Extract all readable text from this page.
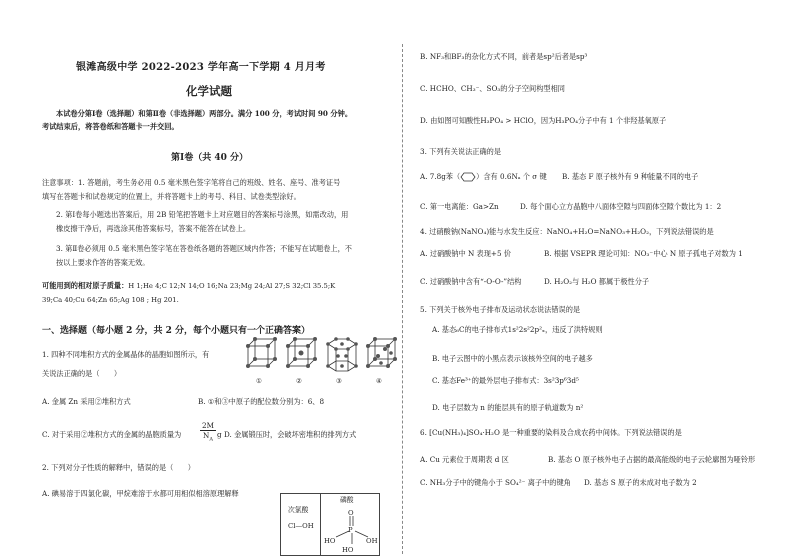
银滩高级中学 2022-2023 学年高一下学期 4 月月考
化学试题
本试卷分第Ⅰ卷（选择题）和第Ⅱ卷（非选择题）两部分。满分 100 分，考试时间 90 分钟。
考试结束后，将答卷纸和答题卡一并交回。
第Ⅰ卷（共 40 分）
注意事项：1. 答题前，考生务必用 0.5 毫米黑色签字笔将自己的班级、姓名、座号、准考证号
填写在答题卡和试卷规定的位置上，并将答题卡上的考号、科目、试卷类型涂好。
2. 第Ⅰ卷每小题选出答案后，用 2B 铅笔把答题卡上对应题目的答案标号涂黑，如需改动，用
橡皮擦干净后，再选涂其他答案标号，答案不能答在试卷上。
3. 第Ⅱ卷必须用 0.5 毫米黑色签字笔在答卷纸各题的答题区域内作答；不能写在试题卷上，不
按以上要求作答的答案无效。
可能用到的相对原子质量：H 1;He 4;C 12;N 14;O 16;Na 23;Mg 24;Al 27;S 32;Cl 35.5;K
39;Ca 40;Cu 64;Zn 65;Ag 108 ; Hg 201.
一、选择题（每小题 2 分，共 2 分，每个小题只有一个正确答案）
1. 四种不同堆积方式的金属晶体的晶胞如图所示，有
关说法正确的是（　　）
①	②	③	④
A. 金属 Zn 采用②堆积方式	B. ①和③中原子的配位数分别为：6、8
C. 对于采用②堆积方式的金属的晶胞质量为	$\frac{2M}{N_A}$ g D. 金属锻压时，会破坏密堆积的排列方式
2. 下列对分子性质的解释中，错误的是（　　）
A. 碘易溶于四氯化碳，甲烷难溶于水都可用相似相溶原理解释
次氯酸
Cl—OH
磷酸
O
P
HO
HO
OH
B. NF₃和BF₃的杂化方式不同，前者是sp²后者是sp³
C. HCHO、CH₃⁻、SO₃的分子空间构型相同
D. 由如图可知酸性H₃PO₄ > HClO，因为H₃PO₄分子中有 1 个非羟基氧原子
3. 下列有关说法正确的是
A. 7.8g苯（ ）含有 0.6Nₐ 个 σ 键 B. 基态 F 原子核外有 9 种能量不同的电子
C. 第一电离能：Ga>Zn	D. 每个面心立方晶胞中八面体空隙与四面体空隙个数比为 1：2
4. 过硝酸钠(NaNO₄)能与水发生反应：NaNO₄+H₂O=NaNO₃+H₂O₂，下列说法错误的是
A. 过硝酸钠中 N 表现+5 价	B. 根据 VSEPR 理论可知：NO₃⁻中心 N 原子孤电子对数为 1
C. 过硝酸钠中含有“-O-O-”结构	D. H₂O₂与 H₂O 都属于极性分子
5. 下列关于核外电子排布及运动状态说法错误的是
A. 基态₆C的电子排布式1s²2s²2p²ₓ，违反了洪特规则
B. 电子云图中的小黑点表示该核外空间的电子越多
C. 基态Fe³⁺的最外层电子排布式：3s²3p⁶3d⁵
D. 电子层数为 n 的能层具有的原子轨道数为 n²
6. [Cu(NH₃)₄]SO₄·H₂O 是一种重要的染料及合成农药中间体。下列说法错误的是
A. Cu 元素位于周期表 d 区	B. 基态 O 原子核外电子占据的最高能级的电子云轮廓图为哑铃形
C. NH₃分子中的键角小于 SO₄²⁻ 离子中的键角 D. 基态 S 原子的未成对电子数为 2
